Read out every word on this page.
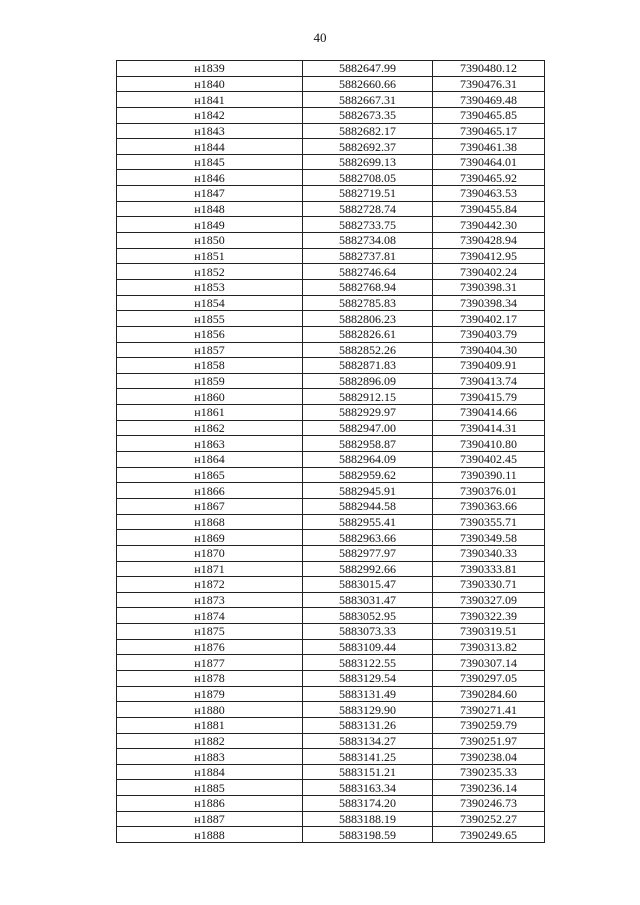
40
н1839	5882647.99	7390480.12
н1840	5882660.66	7390476.31
н1841	5882667.31	7390469.48
н1842	5882673.35	7390465.85
н1843	5882682.17	7390465.17
н1844	5882692.37	7390461.38
н1845	5882699.13	7390464.01
н1846	5882708.05	7390465.92
н1847	5882719.51	7390463.53
н1848	5882728.74	7390455.84
н1849	5882733.75	7390442.30
н1850	5882734.08	7390428.94
н1851	5882737.81	7390412.95
н1852	5882746.64	7390402.24
н1853	5882768.94	7390398.31
н1854	5882785.83	7390398.34
н1855	5882806.23	7390402.17
н1856	5882826.61	7390403.79
н1857	5882852.26	7390404.30
н1858	5882871.83	7390409.91
н1859	5882896.09	7390413.74
н1860	5882912.15	7390415.79
н1861	5882929.97	7390414.66
н1862	5882947.00	7390414.31
н1863	5882958.87	7390410.80
н1864	5882964.09	7390402.45
н1865	5882959.62	7390390.11
н1866	5882945.91	7390376.01
н1867	5882944.58	7390363.66
н1868	5882955.41	7390355.71
н1869	5882963.66	7390349.58
н1870	5882977.97	7390340.33
н1871	5882992.66	7390333.81
н1872	5883015.47	7390330.71
н1873	5883031.47	7390327.09
н1874	5883052.95	7390322.39
н1875	5883073.33	7390319.51
н1876	5883109.44	7390313.82
н1877	5883122.55	7390307.14
н1878	5883129.54	7390297.05
н1879	5883131.49	7390284.60
н1880	5883129.90	7390271.41
н1881	5883131.26	7390259.79
н1882	5883134.27	7390251.97
н1883	5883141.25	7390238.04
н1884	5883151.21	7390235.33
н1885	5883163.34	7390236.14
н1886	5883174.20	7390246.73
н1887	5883188.19	7390252.27
н1888	5883198.59	7390249.65
